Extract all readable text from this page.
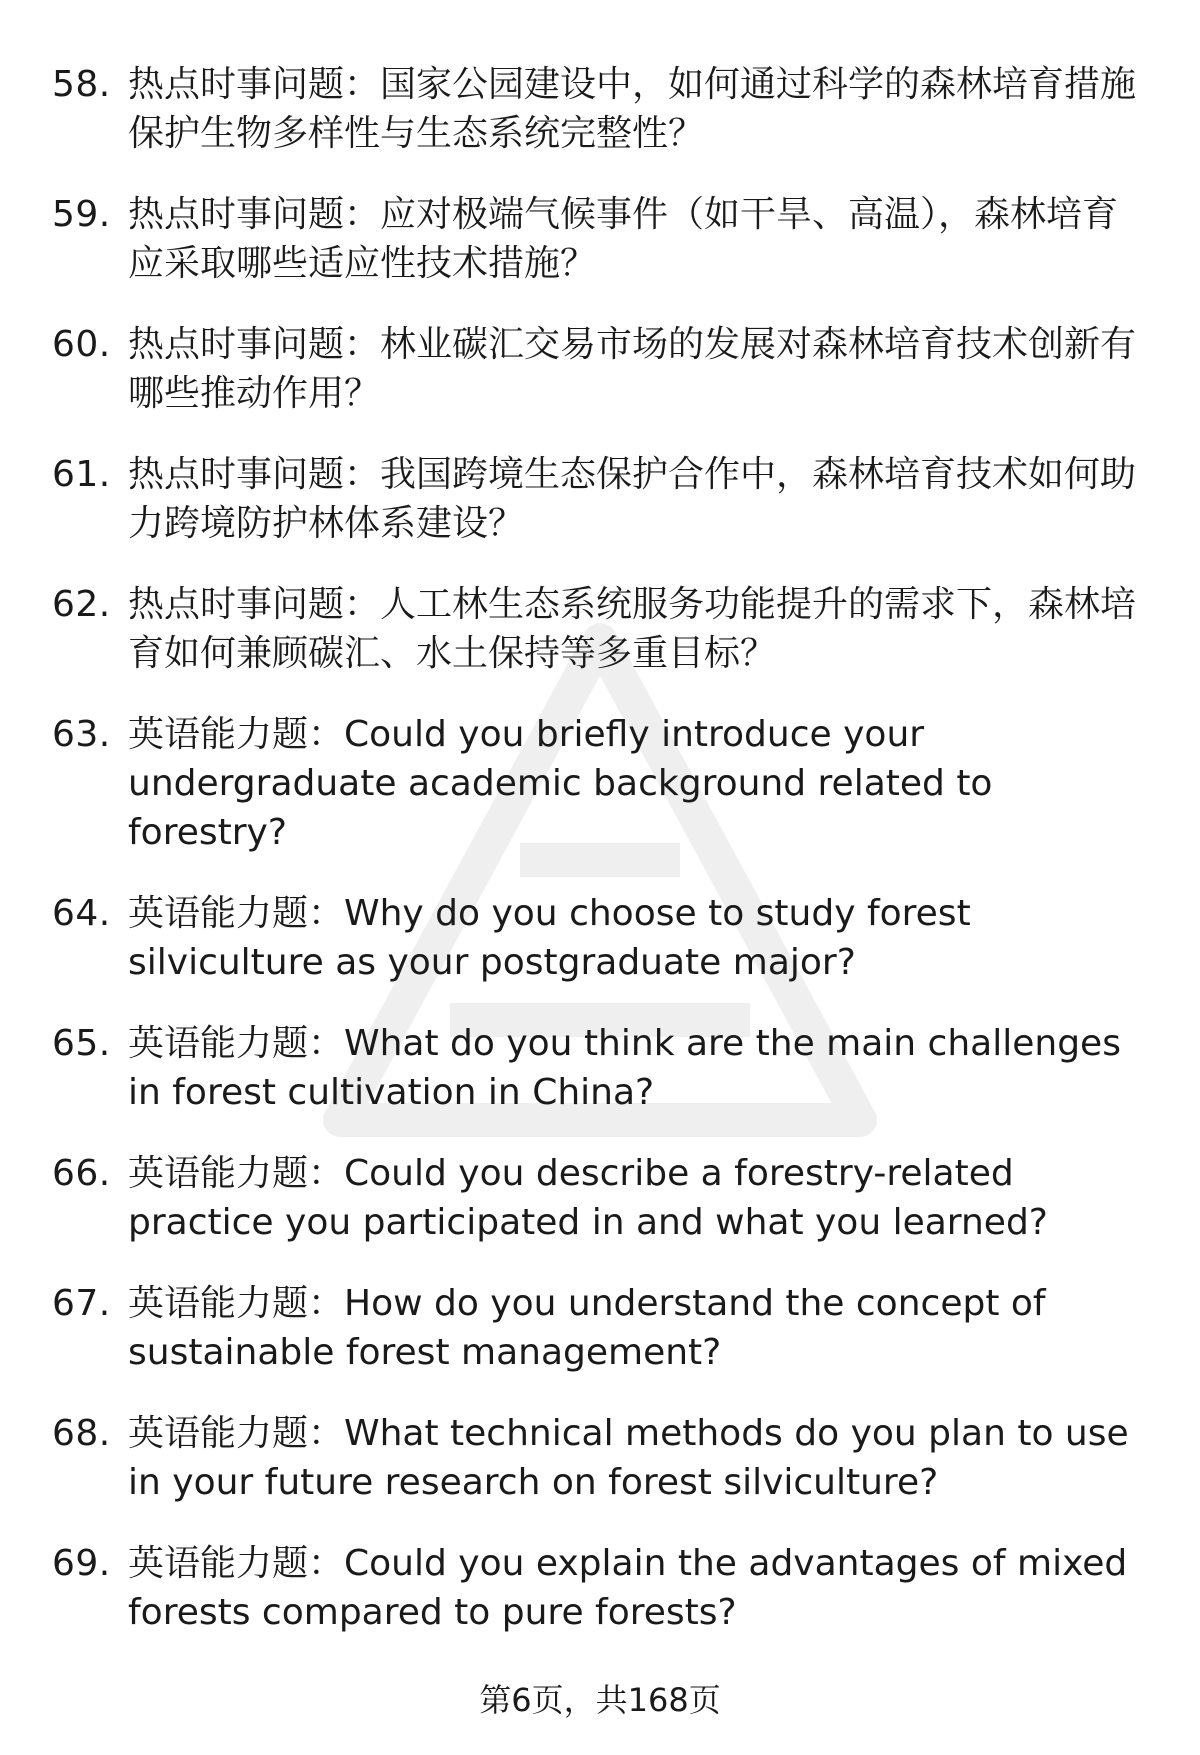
58. 热点时事问题：国家公园建设中，如何通过科学的森林培育措施保护生物多样性与生态系统完整性？
59. 热点时事问题：应对极端气候事件（如干旱、高温），森林培育应采取哪些适应性技术措施？
60. 热点时事问题：林业碳汇交易市场的发展对森林培育技术创新有哪些推动作用？
61. 热点时事问题：我国跨境生态保护合作中，森林培育技术如何助力跨境防护林体系建设？
62. 热点时事问题：人工林生态系统服务功能提升的需求下，森林培育如何兼顾碳汇、水土保持等多重目标？
63. 英语能力题：Could you briefly introduce your undergraduate academic background related to forestry?
64. 英语能力题：Why do you choose to study forest silviculture as your postgraduate major?
65. 英语能力题：What do you think are the main challenges in forest cultivation in China?
66. 英语能力题：Could you describe a forestry-related practice you participated in and what you learned?
67. 英语能力题：How do you understand the concept of sustainable forest management?
68. 英语能力题：What technical methods do you plan to use in your future research on forest silviculture?
69. 英语能力题：Could you explain the advantages of mixed forests compared to pure forests?
第6页，共168页
